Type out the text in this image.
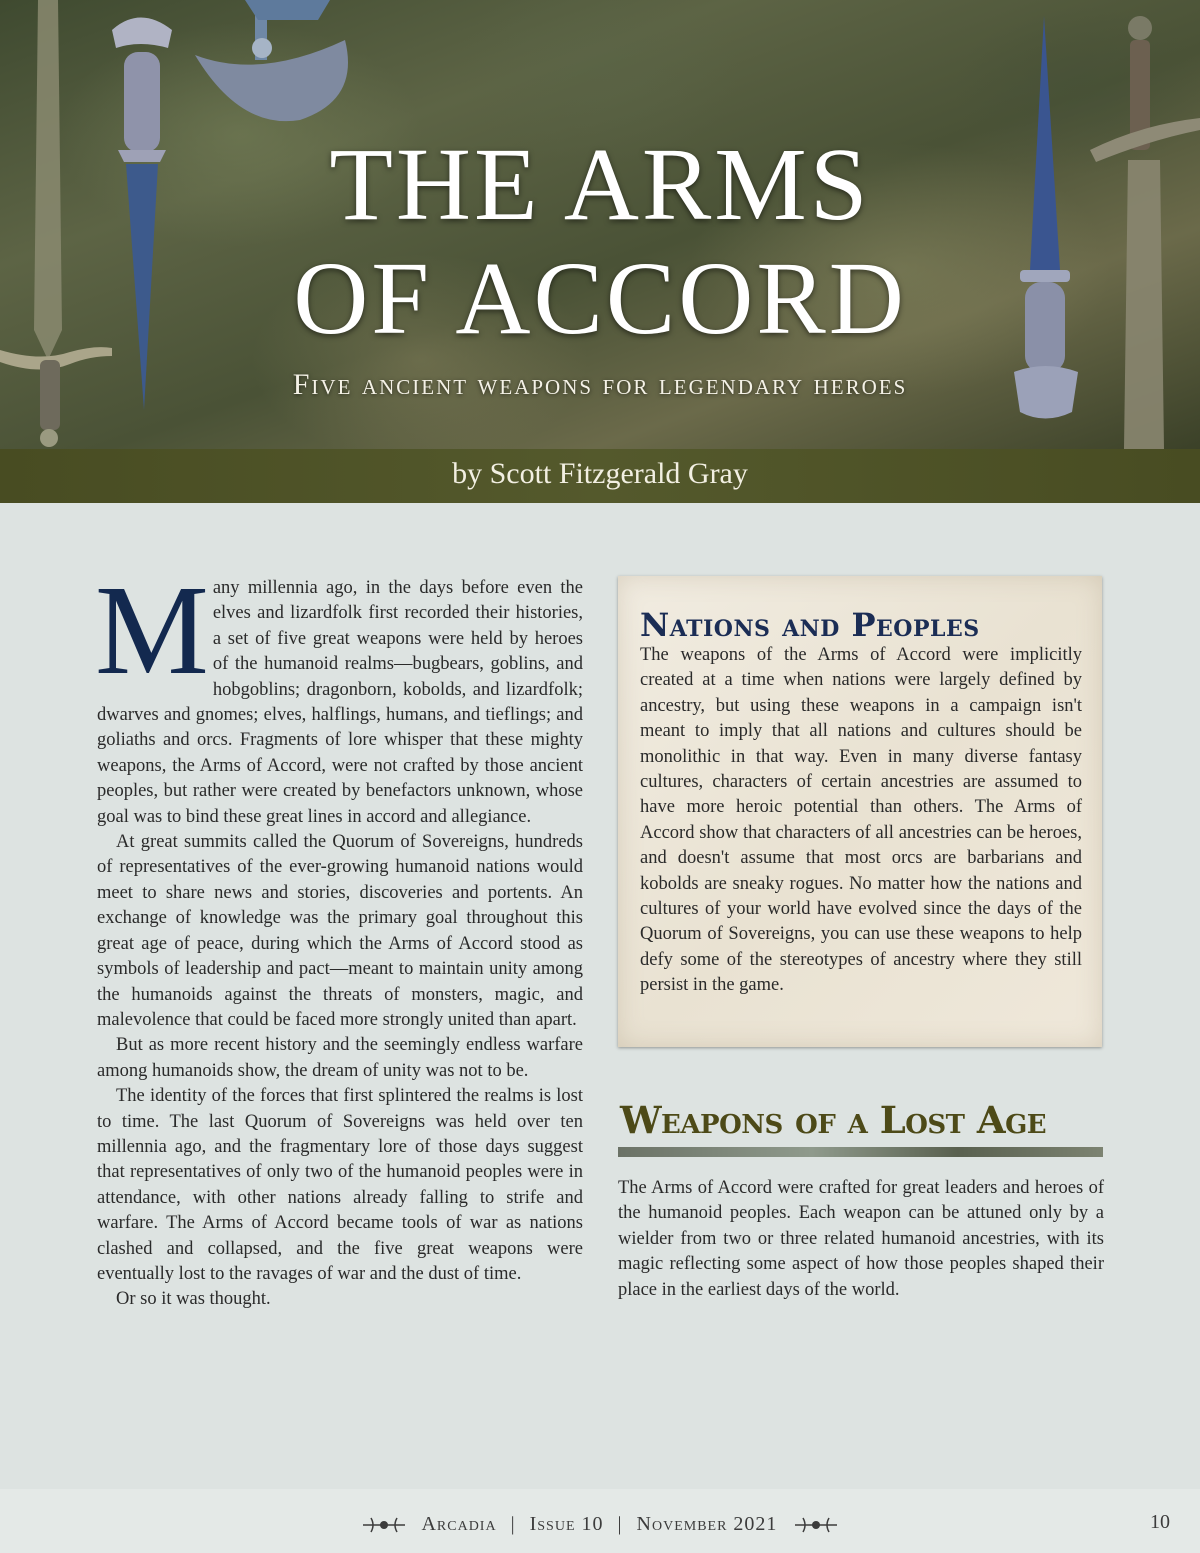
THE ARMS
OF ACCORD
Five ancient weapons for legendary heroes
by Scott Fitzgerald Gray

Many millennia ago, in the days before even the elves and lizardfolk first recorded their histories, a set of five great weapons were held by heroes of the humanoid realms—bugbears, goblins, and hobgoblins; dragonborn, kobolds, and lizardfolk; dwarves and gnomes; elves, halflings, humans, and tieflings; and goliaths and orcs. Fragments of lore whisper that these mighty weapons, the Arms of Accord, were not crafted by those ancient peoples, but rather were created by benefactors unknown, whose goal was to bind these great lines in accord and allegiance.

At great summits called the Quorum of Sovereigns, hundreds of representatives of the ever-growing humanoid nations would meet to share news and stories, discoveries and portents. An exchange of knowledge was the primary goal throughout this great age of peace, during which the Arms of Accord stood as symbols of leadership and pact—meant to maintain unity among the humanoids against the threats of monsters, magic, and malevolence that could be faced more strongly united than apart.

But as more recent history and the seemingly endless warfare among humanoids show, the dream of unity was not to be.

The identity of the forces that first splintered the realms is lost to time. The last Quorum of Sovereigns was held over ten millennia ago, and the fragmentary lore of those days suggest that representatives of only two of the humanoid peoples were in attendance, with other nations already falling to strife and warfare. The Arms of Accord became tools of war as nations clashed and collapsed, and the five great weapons were eventually lost to the ravages of war and the dust of time.

Or so it was thought.

Nations and Peoples

The weapons of the Arms of Accord were implicitly created at a time when nations were largely defined by ancestry, but using these weapons in a campaign isn't meant to imply that all nations and cultures should be monolithic in that way. Even in many diverse fantasy cultures, characters of certain ancestries are assumed to have more heroic potential than others. The Arms of Accord show that characters of all ancestries can be heroes, and doesn't assume that most orcs are barbarians and kobolds are sneaky rogues. No matter how the nations and cultures of your world have evolved since the days of the Quorum of Sovereigns, you can use these weapons to help defy some of the stereotypes of ancestry where they still persist in the game.

Weapons of a Lost Age

The Arms of Accord were crafted for great leaders and heroes of the humanoid peoples. Each weapon can be attuned only by a wielder from two or three related humanoid ancestries, with its magic reflecting some aspect of how those peoples shaped their place in the earliest days of the world.

Arcadia | Issue 10 | November 2021	10
